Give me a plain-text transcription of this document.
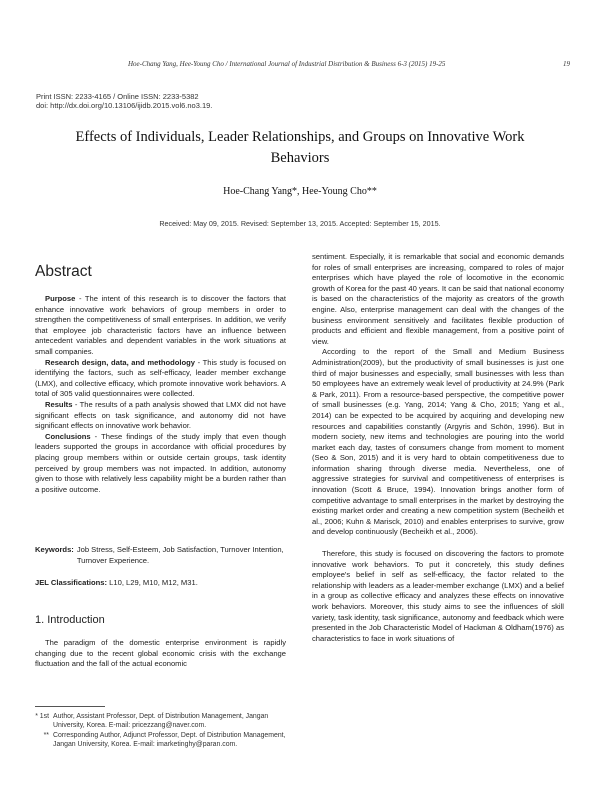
Hoe-Chang Yang, Hee-Young Cho / International Journal of Industrial Distribution & Business 6-3 (2015) 19-25	19
Print ISSN: 2233-4165 / Online ISSN: 2233-5382
doi: http://dx.doi.org/10.13106/ijidb.2015.vol6.no3.19.
Effects of Individuals, Leader Relationships, and Groups on Innovative Work Behaviors
Hoe-Chang Yang*, Hee-Young Cho**
Received: May 09, 2015. Revised: September 13, 2015. Accepted: September 15, 2015.
Abstract

Purpose - The intent of this research is to discover the factors that enhance innovative work behaviors of group members in order to strengthen the competitiveness of small enterprises. In addition, we verify that employee job characteristic factors have an influence between antecedent variables and dependent variables in the work situations at small companies.

Research design, data, and methodology - This study is focused on identifying the factors, such as self-efficacy, leader member exchange (LMX), and collective efficacy, which promote innovative work behaviors. A total of 305 valid questionnaires were collected.

Results - The results of a path analysis showed that LMX did not have significant effects on task significance, and autonomy did not have significant effects on innovative work behavior.

Conclusions - These findings of the study imply that even though leaders supported the groups in accordance with official procedures by placing group members within or outside certain groups, task identity perceived by group members was not impacted. In addition, autonomy given to those with relatively less capability might be a burden rather than a positive outcome.

Keywords: Job Stress, Self-Esteem, Job Satisfaction, Turnover Intention, Turnover Experience.
JEL Classifications: L10, L29, M10, M12, M31.
1. Introduction

The paradigm of the domestic enterprise environment is rapidly changing due to the recent global economic crisis with the exchange fluctuation and the fall of the actual economic

* 1st Author, Assistant Professor, Dept. of Distribution Management, Jangan University, Korea. E-mail: pricezzang@naver.com.
** Corresponding Author, Adjunct Professor, Dept. of Distribution Management, Jangan University, Korea. E-mail: imarketinghy@paran.com.

sentiment. Especially, it is remarkable that social and economic demands for roles of small enterprises are increasing, compared to roles of major enterprises which have played the role of locomotive in the economic growth of Korea for the past 40 years. It can be said that national economy is based on the characteristics of the majority as creators of the growth engine. Also, enterprise management can deal with the changes of the business environment sensitively and facilitates flexible production of products and efficient and flexible management, from a positive point of view.

According to the report of the Small and Medium Business Administration(2009), but the productivity of small businesses is just one third of major businesses and especially, small businesses with less than 50 employees have an extremely weak level of productivity at 24.9% (Park & Park, 2011). From a resource-based perspective, the competitive power of small businesses (e.g. Yang, 2014; Yang & Cho, 2015; Yang et al., 2014) can be expected to be acquired by acquiring and developing new resources and capabilities constantly (Argyris and Schön, 1996). But in modern society, new items and technologies are pouring into the world market each day, tastes of consumers change from moment to moment (Seo & Son, 2015) and it is very hard to obtain competitiveness due to information sharing through diverse media. Nevertheless, one of aggressive strategies for survival and competitiveness of enterprises is innovation (Scott & Bruce, 1994). Innovation brings another form of competitive advantage to small enterprises in the market by destroying the existing market order and creating a new competition system (Becheikh et al., 2006; Kuhn & Marisck, 2010) and enables enterprises to survive, grow and develop continuously (Becheikh et al., 2006).

Therefore, this study is focused on discovering the factors to promote innovative work behaviors. To put it concretely, this study defines employee's belief in self as self-efficacy, the factor related to the relationship with leaders as a leader-member exchange (LMX) and a belief in a group as collective efficacy and analyzes these effects on innovative work behaviors. Moreover, this study aims to see the influences of skill variety, task identity, task significance, autonomy and feedback which were presented in the Job Characteristic Model of Hackman & Oldham(1976) as characteristics to face in work situations of
